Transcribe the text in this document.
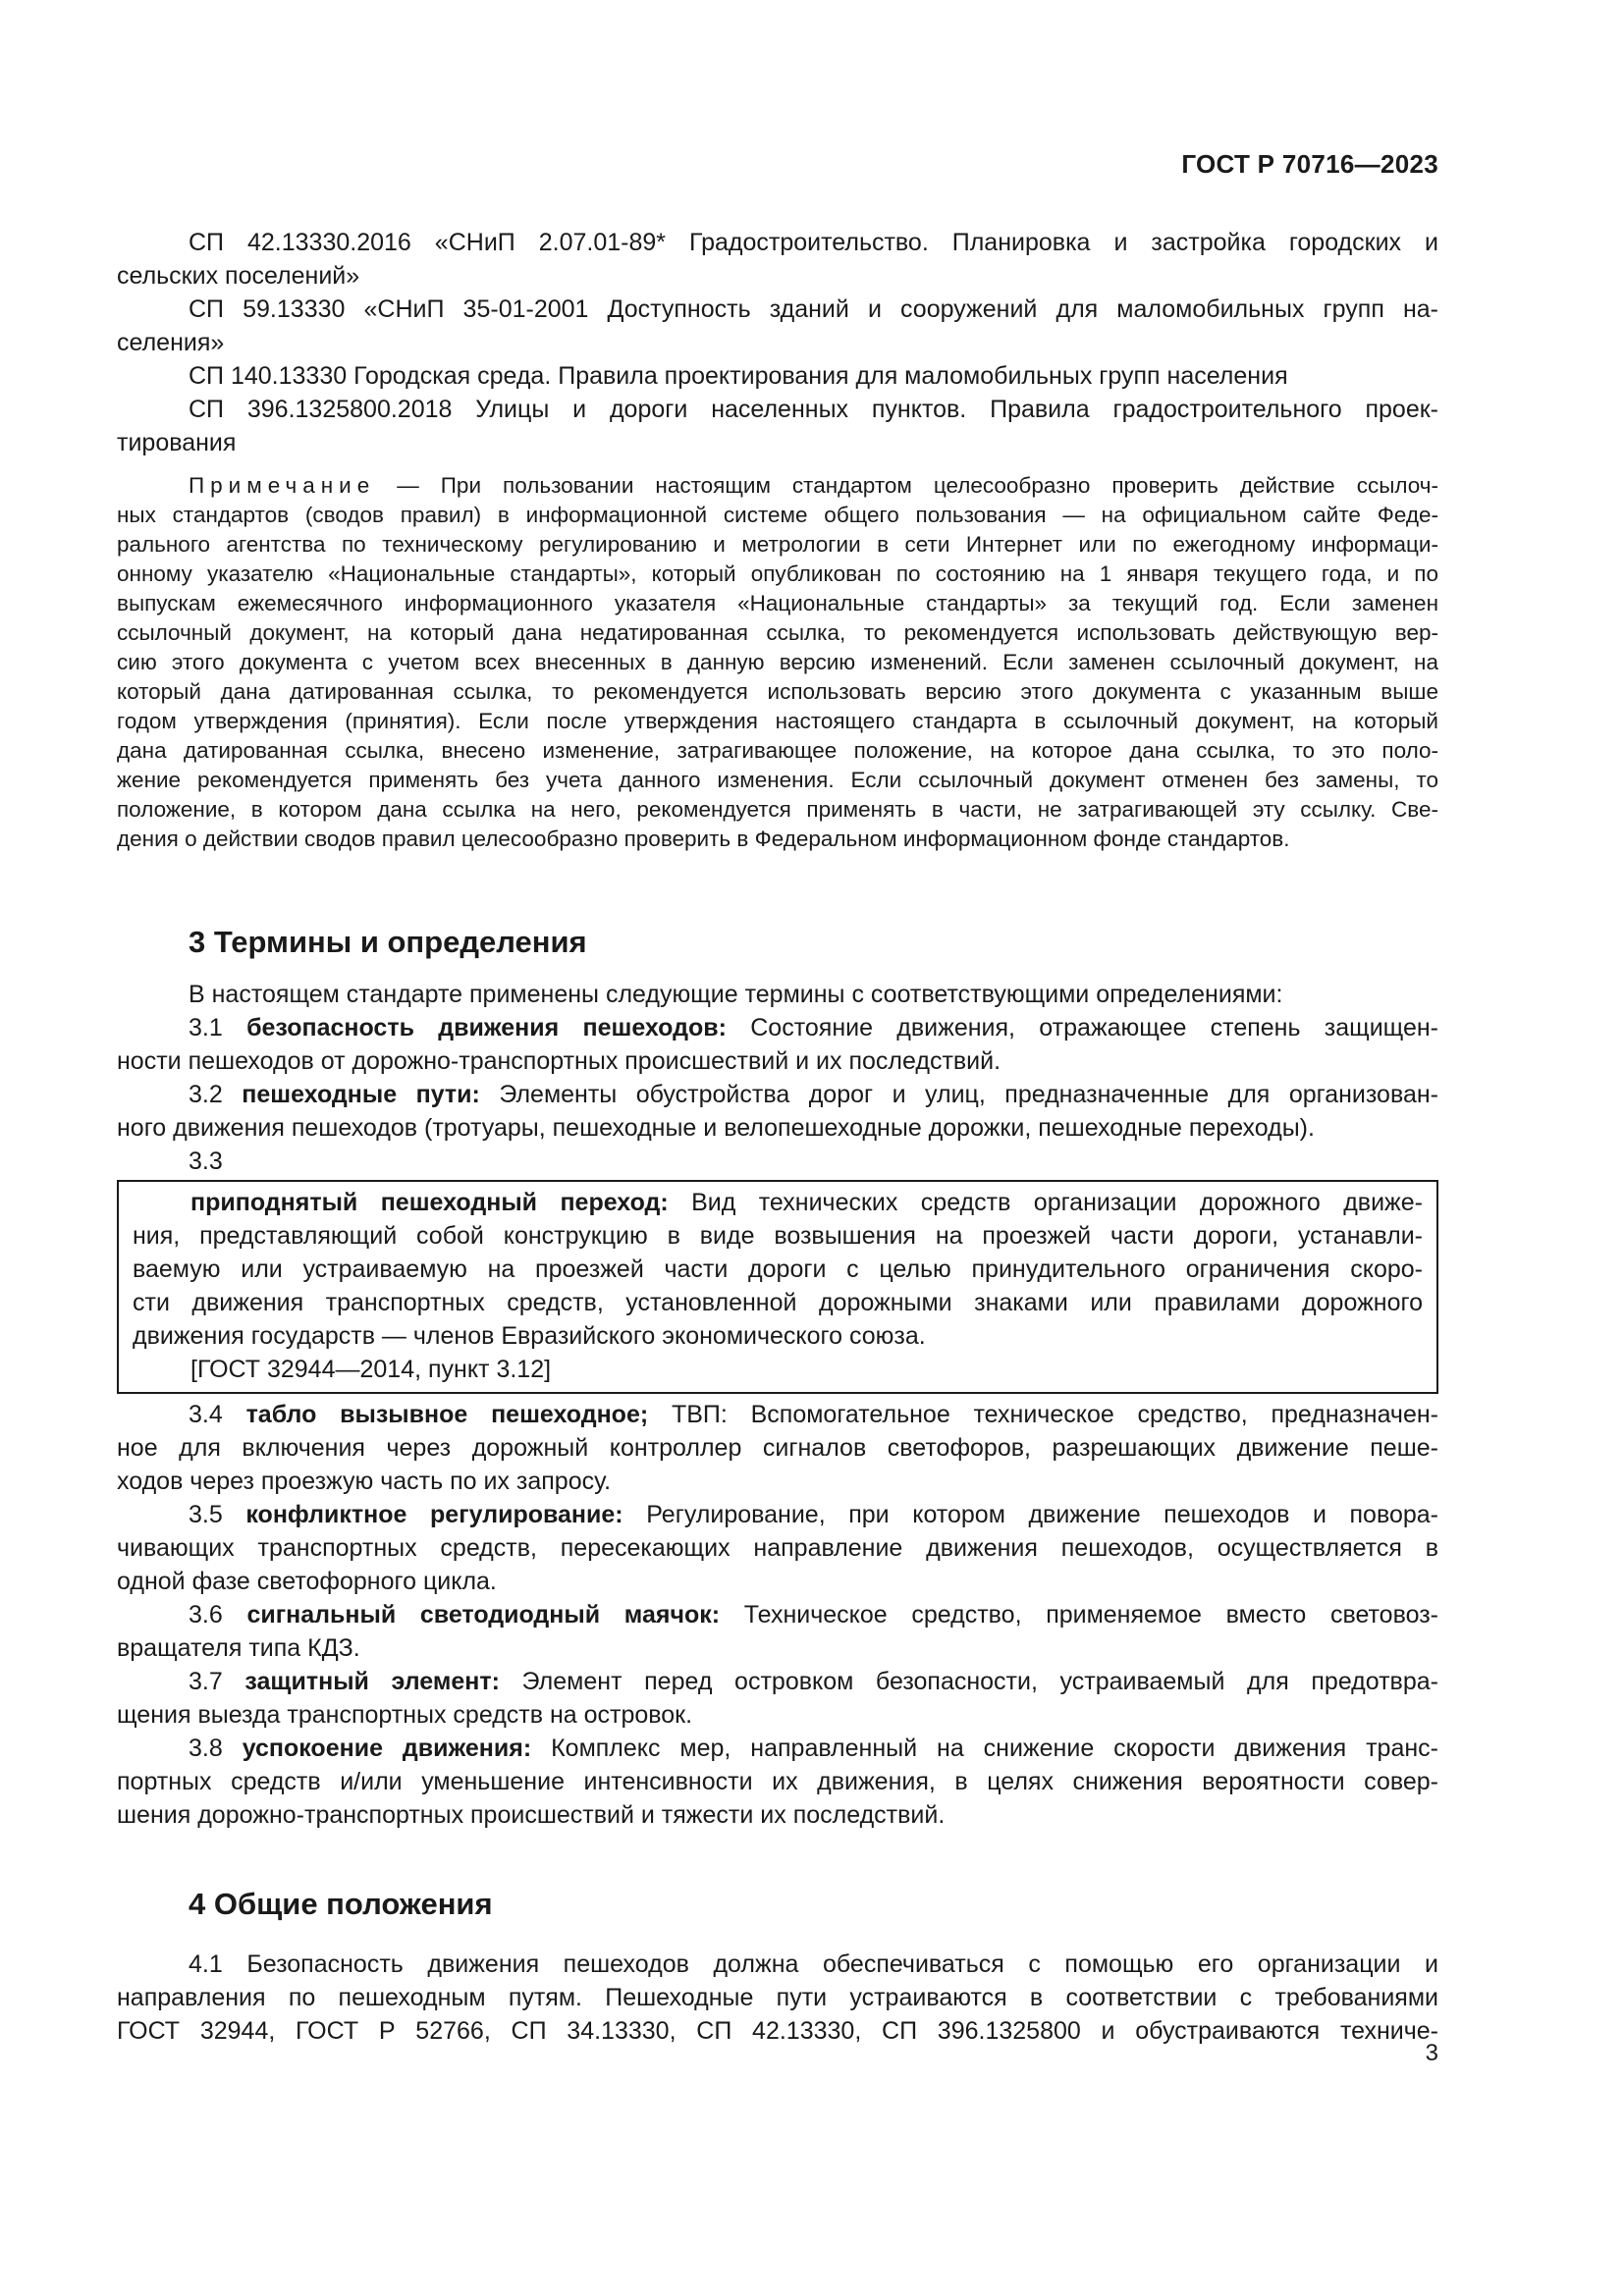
ГОСТ Р 70716—2023

СП 42.13330.2016 «СНиП 2.07.01-89* Градостроительство. Планировка и застройка городских и
сельских поселений»

СП 59.13330 «СНиП 35-01-2001 Доступность зданий и сооружений для маломобильных групп на-
селения»

СП 140.13330 Городская среда. Правила проектирования для маломобильных групп населения

СП 396.1325800.2018 Улицы и дороги населенных пунктов. Правила градостроительного проек-
тирования

Примечание — При пользовании настоящим стандартом целесообразно проверить действие ссылоч-
ных стандартов (сводов правил) в информационной системе общего пользования — на официальном сайте Феде-
рального агентства по техническому регулированию и метрологии в сети Интернет или по ежегодному информаци-
онному указателю «Национальные стандарты», который опубликован по состоянию на 1 января текущего года, и по
выпускам ежемесячного информационного указателя «Национальные стандарты» за текущий год. Если заменен
ссылочный документ, на который дана недатированная ссылка, то рекомендуется использовать действующую вер-
сию этого документа с учетом всех внесенных в данную версию изменений. Если заменен ссылочный документ, на
который дана датированная ссылка, то рекомендуется использовать версию этого документа с указанным выше
годом утверждения (принятия). Если после утверждения настоящего стандарта в ссылочный документ, на который
дана датированная ссылка, внесено изменение, затрагивающее положение, на которое дана ссылка, то это поло-
жение рекомендуется применять без учета данного изменения. Если ссылочный документ отменен без замены, то
положение, в котором дана ссылка на него, рекомендуется применять в части, не затрагивающей эту ссылку. Све-
дения о действии сводов правил целесообразно проверить в Федеральном информационном фонде стандартов.
3 Термины и определения

В настоящем стандарте применены следующие термины с соответствующими определениями:

3.1 безопасность движения пешеходов: Состояние движения, отражающее степень защищен-
ности пешеходов от дорожно-транспортных происшествий и их последствий.

3.2 пешеходные пути: Элементы обустройства дорог и улиц, предназначенные для организован-
ного движения пешеходов (тротуары, пешеходные и велопешеходные дорожки, пешеходные переходы).

3.3

приподнятый пешеходный переход: Вид технических средств организации дорожного движе-
ния, представляющий собой конструкцию в виде возвышения на проезжей части дороги, устанавли-
ваемую или устраиваемую на проезжей части дороги с целью принудительного ограничения скоро-
сти движения транспортных средств, установленной дорожными знаками или правилами дорожного
движения государств — членов Евразийского экономического союза.
[ГОСТ 32944—2014, пункт 3.12]

3.4 табло вызывное пешеходное; ТВП: Вспомогательное техническое средство, предназначен-
ное для включения через дорожный контроллер сигналов светофоров, разрешающих движение пеше-
ходов через проезжую часть по их запросу.

3.5 конфликтное регулирование: Регулирование, при котором движение пешеходов и повора-
чивающих транспортных средств, пересекающих направление движения пешеходов, осуществляется в
одной фазе светофорного цикла.

3.6 сигнальный светодиодный маячок: Техническое средство, применяемое вместо световоз-
вращателя типа КДЗ.

3.7 защитный элемент: Элемент перед островком безопасности, устраиваемый для предотвра-
щения выезда транспортных средств на островок.

3.8 успокоение движения: Комплекс мер, направленный на снижение скорости движения транс-
портных средств и/или уменьшение интенсивности их движения, в целях снижения вероятности совер-
шения дорожно-транспортных происшествий и тяжести их последствий.

4 Общие положения

4.1 Безопасность движения пешеходов должна обеспечиваться с помощью его организации и
направления по пешеходным путям. Пешеходные пути устраиваются в соответствии с требованиями
ГОСТ 32944, ГОСТ Р 52766, СП 34.13330, СП 42.13330, СП 396.1325800 и обустраиваются техниче-

3
